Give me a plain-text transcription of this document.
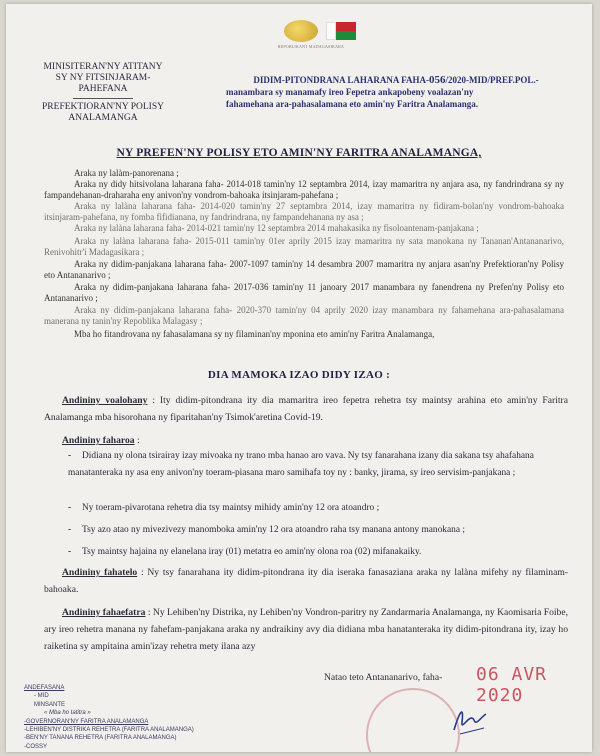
REPOBLIKAN'I MADAGASIKARA
MINISITERAN'NY ATITANY
SY NY FITSINJARAM-
PAHEFANA
PREFEKTIORAN'NY POLISY
ANALAMANGA
DIDIM-PITONDRANA LAHARANA FAHA-056/2020-MID/PREF.POL.-
manambara sy manamafy ireo Fepetra ankapobeny voalazan'ny
fahamehana ara-pahasalamana eto amin'ny Faritra Analamanga.
NY PREFEN'NY POLISY ETO AMIN'NY FARITRA ANALAMANGA,
Araka ny lalàm-panorenana ;
Araka ny didy hitsivolana laharana faha- 2014-018 tamin'ny 12 septambra 2014, izay mamaritra ny anjara asa, ny fandrindrana sy ny fampandehanan-draharaha eny anivon'ny vondrom-bahoaka itsinjaram-pahefana ;
Araka ny lalàna laharana faha- 2014-020 tamin'ny 27 septambra 2014, izay mamaritra ny fidiram-bolan'ny vondrom-bahoaka itsinjaram-pahefana, ny fomba fifidianana, ny fandrindrana, ny fampandehanana ny asa ;
Araka ny lalàna laharana faha- 2014-021 tamin'ny 12 septambra 2014 mahakasika ny fisoloantenam-panjakana ;
Araka ny lalàna laharana faha- 2015-011 tamin'ny 01er aprily 2015 izay mamaritra ny sata manokana ny Tananan'Antananarivo, Renivohitr'i Madagasikara ;
Araka ny didim-panjakana laharana faha- 2007-1097 tamin'ny 14 desambra 2007 mamaritra ny anjara asan'ny Prefektioran'ny Polisy eto Antananarivo ;
Araka ny didim-panjakana laharana faha- 2017-036 tamin'ny 11 janoary 2017 manambara ny fanendrena ny Prefen'ny Polisy eto Antananarivo ;
Araka ny didim-panjakana laharana faha- 2020-370 tamin'ny 04 aprily 2020 izay manambara ny fahamehana ara-pahasalamana manerana ny tanin'ny Repoblika Malagasy ;
Mba ho fitandrovana ny fahasalamana sy ny filaminan'ny mponina eto amin'ny Faritra Analamanga,
DIA MAMOKA IZAO DIDY IZAO :
Andininy voalohany : Ity didim-pitondrana ity dia mamaritra ireo fepetra rehetra tsy maintsy arahina eto amin'ny Faritra Analamanga mba hisorohana ny fiparitahan'ny Tsimok'aretina Covid-19.
Andininy faharoa :
- Didiana ny olona tsirairay izay mivoaka ny trano mba hanao aro vava. Ny tsy fanarahana izany dia sakana tsy ahafahana manatanteraka ny asa eny anivon'ny toeram-piasana maro samihafa toy ny : banky, jirama, sy ireo servisim-panjakana ;
- Ny toeram-pivarotana rehetra dia tsy maintsy mihidy amin'ny 12 ora atoandro ;
- Tsy azo atao ny mivezivezy manomboka amin'ny 12 ora atoandro raha tsy manana antony manokana ;
- Tsy maintsy hajaina ny elanelana iray (01) metatra eo amin'ny olona roa (02) mifanakaiky.
Andininy fahatelo : Ny tsy fanarahana ity didim-pitondrana ity dia iseraka fanasaziana araka ny lalàna mifehy ny filaminam-bahoaka.
Andininy fahaefatra : Ny Lehiben'ny Distrika, ny Lehiben'ny Vondron-paritry ny Zandarmaria Analamanga, ny Kaomisaria Foibe, ary ireo rehetra manana ny fahefam-panjakana araka ny andraikiny avy dia didiana mba hanatanteraka ity didim-pitondrana ity, izay ho raiketina sy ampitaina amin'izay rehetra mety ilana azy
Natao teto Antananarivo, faha- 06 AVR 2020
ANDEFASANA
- MID
MINSANTE
« Mba ho tatitra »
-GOVERNORAN'NY FARITRA ANALAMANGA
-LEHIBEN'NY DISTRIKA REHETRA (FARITRA ANALAMANGA)
-BEN'NY TANANA REHETRA (FARITRA ANALAMANGA)
-COSSY
